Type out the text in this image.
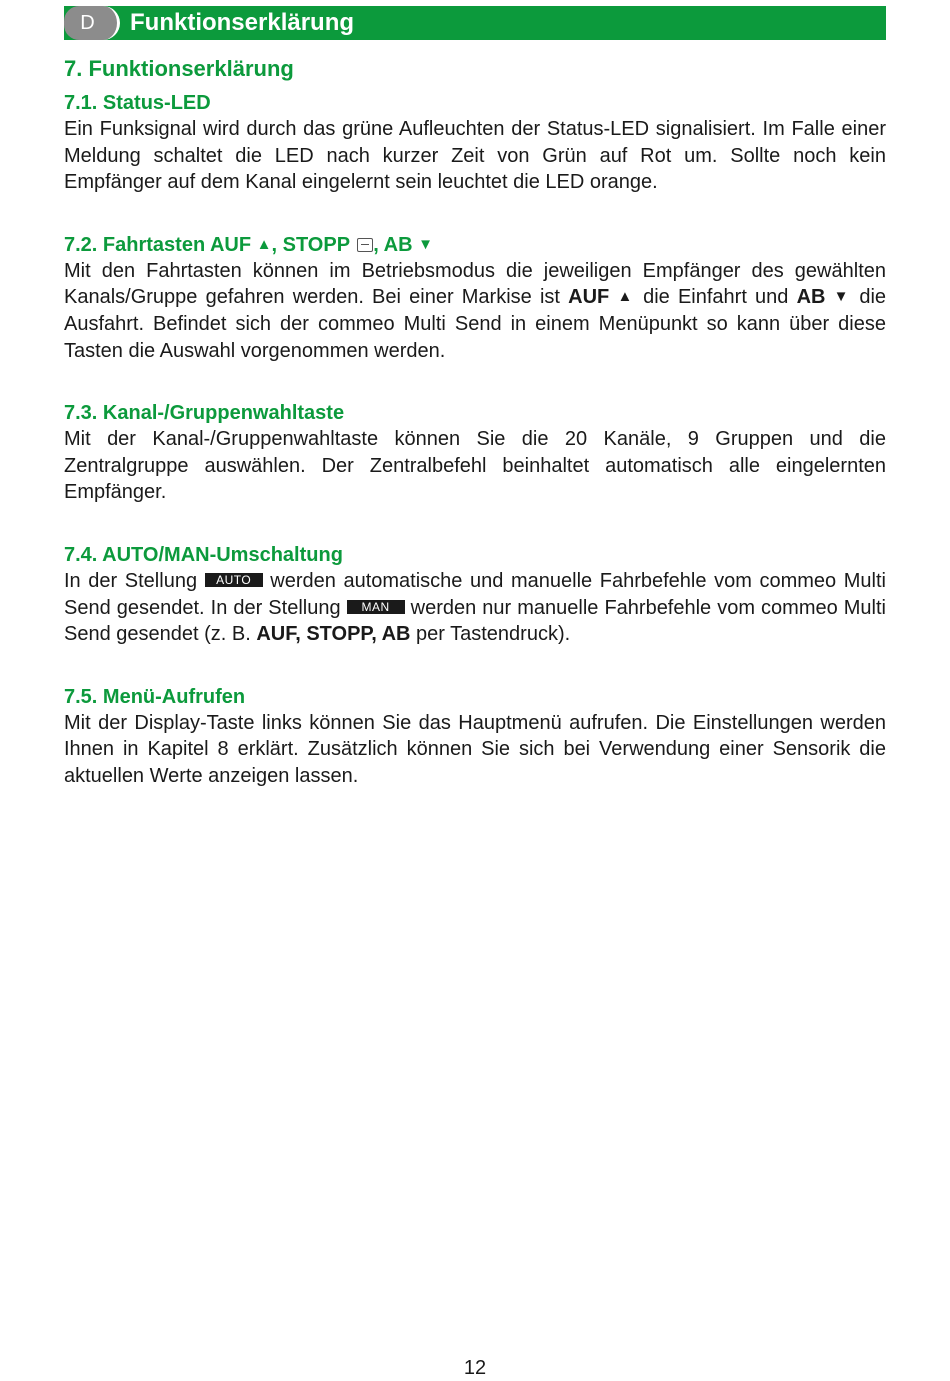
D	Funktionserklärung
7. Funktionserklärung

7.1. Status-LED

Ein Funksignal wird durch das grüne Aufleuchten der Status-LED signalisiert. Im Falle einer Meldung schaltet die LED nach kurzer Zeit von Grün auf Rot um. Sollte noch kein Empfänger auf dem Kanal eingelernt sein leuchtet die LED orange.

7.2. Fahrtasten AUF ▲, STOPP , AB ▼

Mit den Fahrtasten können im Betriebsmodus die jeweiligen Empfänger des gewählten Kanals/Gruppe gefahren werden. Bei einer Markise ist AUF ▲ die Einfahrt und AB ▼ die Ausfahrt. Befindet sich der commeo Multi Send in einem Menüpunkt so kann über diese Tasten die Auswahl vorgenommen werden.

7.3. Kanal-/Gruppenwahltaste

Mit der Kanal-/Gruppenwahltaste können Sie die 20 Kanäle, 9 Gruppen und die Zentralgruppe auswählen. Der Zentralbefehl beinhaltet automatisch alle eingelernten Empfänger.

7.4. AUTO/MAN-Umschaltung

In der Stellung AUTO werden automatische und manuelle Fahrbefehle vom commeo Multi Send gesendet. In der Stellung MAN werden nur manuelle Fahrbefehle vom commeo Multi Send gesendet (z. B. AUF, STOPP, AB per Tastendruck).

7.5. Menü-Aufrufen

Mit der Display-Taste links können Sie das Hauptmenü aufrufen. Die Einstellungen werden Ihnen in Kapitel 8 erklärt. Zusätzlich können Sie sich bei Verwendung einer Sensorik die aktuellen Werte anzeigen lassen.

12
